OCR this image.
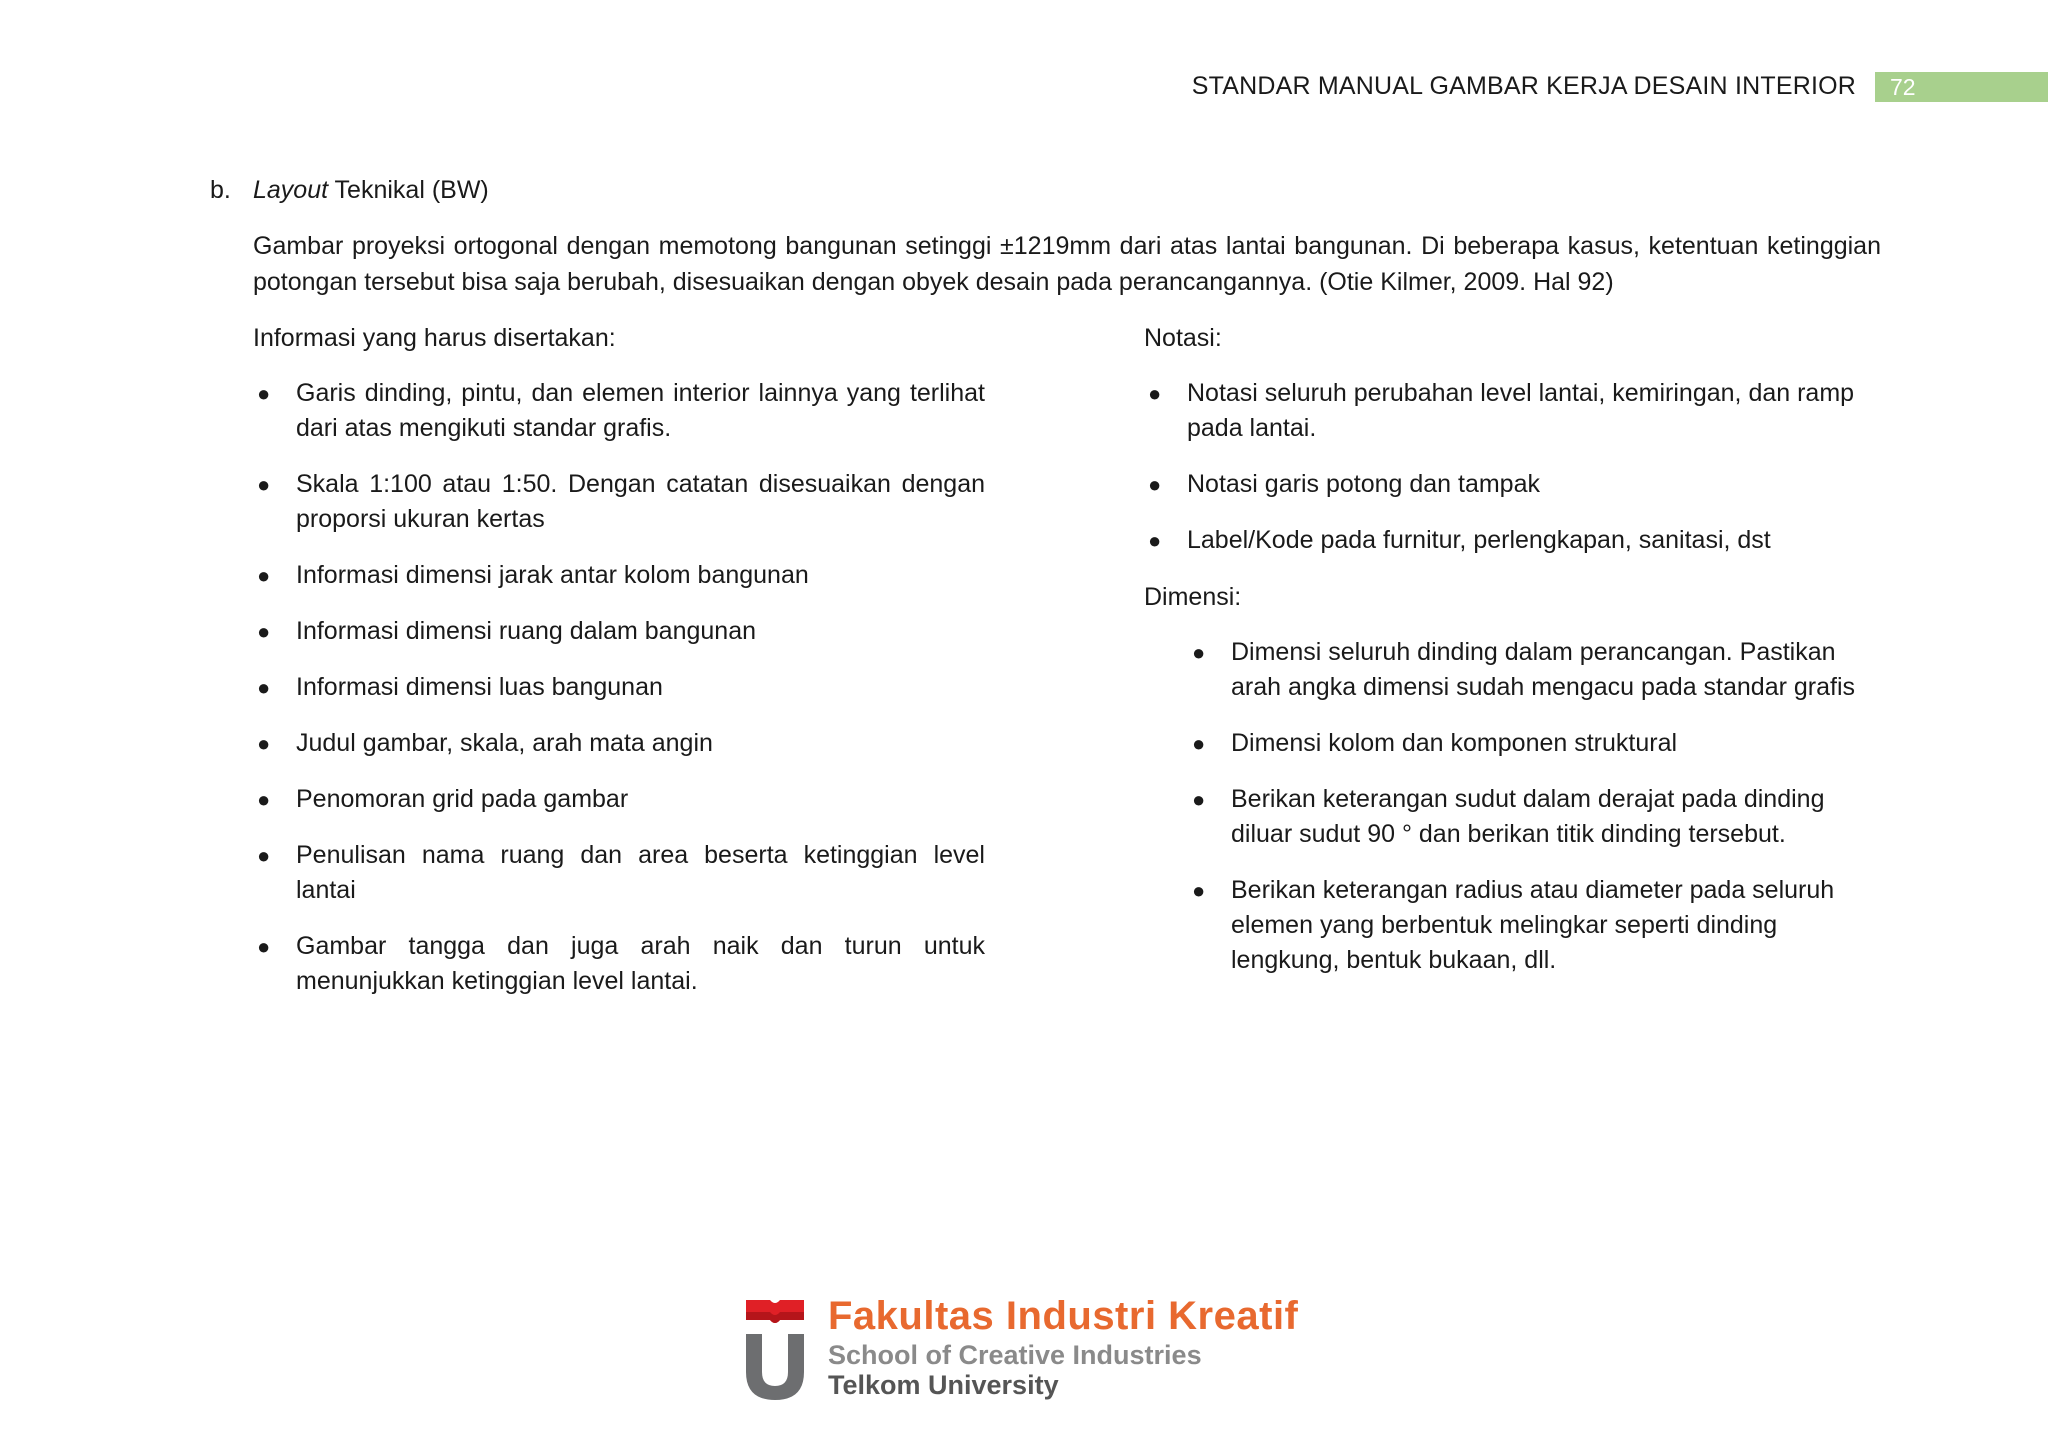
STANDAR MANUAL GAMBAR KERJA DESAIN INTERIOR	72
b. Layout Teknikal (BW)
Gambar proyeksi ortogonal dengan memotong bangunan setinggi ±1219mm dari atas lantai bangunan. Di beberapa kasus, ketentuan ketinggian potongan tersebut bisa saja berubah, disesuaikan dengan obyek desain pada perancangannya. (Otie Kilmer, 2009. Hal 92)
Informasi yang harus disertakan:
● Garis dinding, pintu, dan elemen interior lainnya yang terlihat dari atas mengikuti standar grafis.
● Skala 1:100 atau 1:50. Dengan catatan disesuaikan dengan proporsi ukuran kertas
● Informasi dimensi jarak antar kolom bangunan
● Informasi dimensi ruang dalam bangunan
● Informasi dimensi luas bangunan
● Judul gambar, skala, arah mata angin
● Penomoran grid pada gambar
● Penulisan nama ruang dan area beserta ketinggian level lantai
● Gambar tangga dan juga arah naik dan turun untuk menunjukkan ketinggian level lantai.
Notasi:
● Notasi seluruh perubahan level lantai, kemiringan, dan ramp pada lantai.
● Notasi garis potong dan tampak
● Label/Kode pada furnitur, perlengkapan, sanitasi, dst
Dimensi:
● Dimensi seluruh dinding dalam perancangan. Pastikan arah angka dimensi sudah mengacu pada standar grafis
● Dimensi kolom dan komponen struktural
● Berikan keterangan sudut dalam derajat pada dinding diluar sudut 90 ° dan berikan titik dinding tersebut.
● Berikan keterangan radius atau diameter pada seluruh elemen yang berbentuk melingkar seperti dinding lengkung, bentuk bukaan, dll.
Fakultas Industri Kreatif
School of Creative Industries
Telkom University
